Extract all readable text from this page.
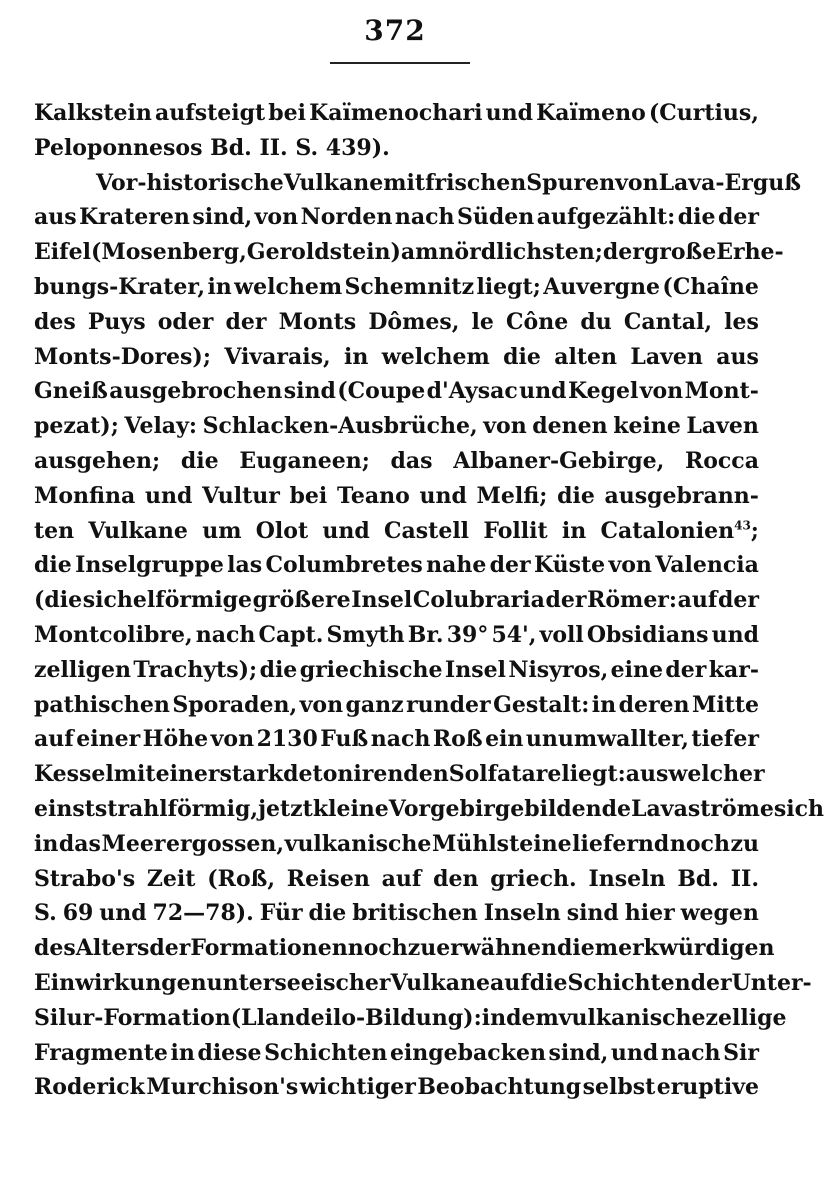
372
Kalkstein aufsteigt bei Kaïmenochari und Kaïmeno (Curtius,
Peloponnesos Bd. II. S. 439).
Vor-historische Vulkane mit frischen Spuren von Lava-Erguß
aus Krateren sind, von Norden nach Süden aufgezählt: die der
Eifel (Mosenberg, Geroldstein) am nördlichsten; der große Erhe-
bungs-Krater, in welchem Schemnitz liegt; Auvergne (Chaîne
des Puys oder der Monts Dômes, le Cône du Cantal, les
Monts-Dores); Vivarais, in welchem die alten Laven aus
Gneiß ausgebrochen sind (Coupe d'Aysac und Kegel von Mont-
pezat); Velay: Schlacken-Ausbrüche, von denen keine Laven
ausgehen; die Euganeen; das Albaner-Gebirge, Rocca
Monfina und Vultur bei Teano und Melfi; die ausgebrann-
ten Vulkane um Olot und Castell Follit in Catalonien$^{43}$;
die Inselgruppe las Columbretes nahe der Küste von Valencia
(die sichelförmige größere Insel Colubraria der Römer: auf der
Montcolibre, nach Capt. Smyth Br. 39° 54', voll Obsidians und
zelligen Trachyts); die griechische Insel Nisyros, eine der kar-
pathischen Sporaden, von ganz runder Gestalt: in deren Mitte
auf einer Höhe von 2130 Fuß nach Roß ein unumwallter, tiefer
Kessel mit einer stark detonirenden Solfatare liegt: aus welcher
einst strahlförmig, jetzt kleine Vorgebirge bildende Lavaströme sich
in das Meer ergossen, vulkanische Mühlsteine liefernd noch zu
Strabo's Zeit (Roß, Reisen auf den griech. Inseln Bd. II.
S. 69 und 72—78). Für die britischen Inseln sind hier wegen
des Alters der Formationen noch zu erwähnen die merkwürdigen
Einwirkungen unterseeischer Vulkane auf die Schichten der Unter-
Silur-Formation (Llandeilo-Bildung): indem vulkanische zellige
Fragmente in diese Schichten eingebacken sind, und nach Sir
Roderick Murchison's wichtiger Beobachtung selbst eruptive
